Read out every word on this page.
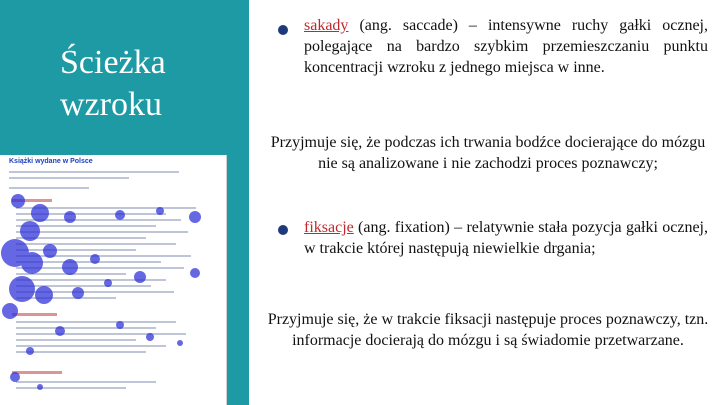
Ścieżka
wzroku
Książki wydane w Polsce

sakady (ang. saccade) – intensywne ruchy gałki ocznej, polegające na bardzo szybkim przemieszczaniu punktu koncentracji wzroku z jednego miejsca w inne.

Przyjmuje się, że podczas ich trwania bodźce docierające do mózgu nie są analizowane i nie zachodzi proces poznawczy;

fiksacje (ang. fixation) – relatywnie stała pozycja gałki ocznej, w trakcie której następują niewielkie drgania;

Przyjmuje się, że w trakcie fiksacji następuje proces poznawczy, tzn. informacje docierają do mózgu i są świadomie przetwarzane.
